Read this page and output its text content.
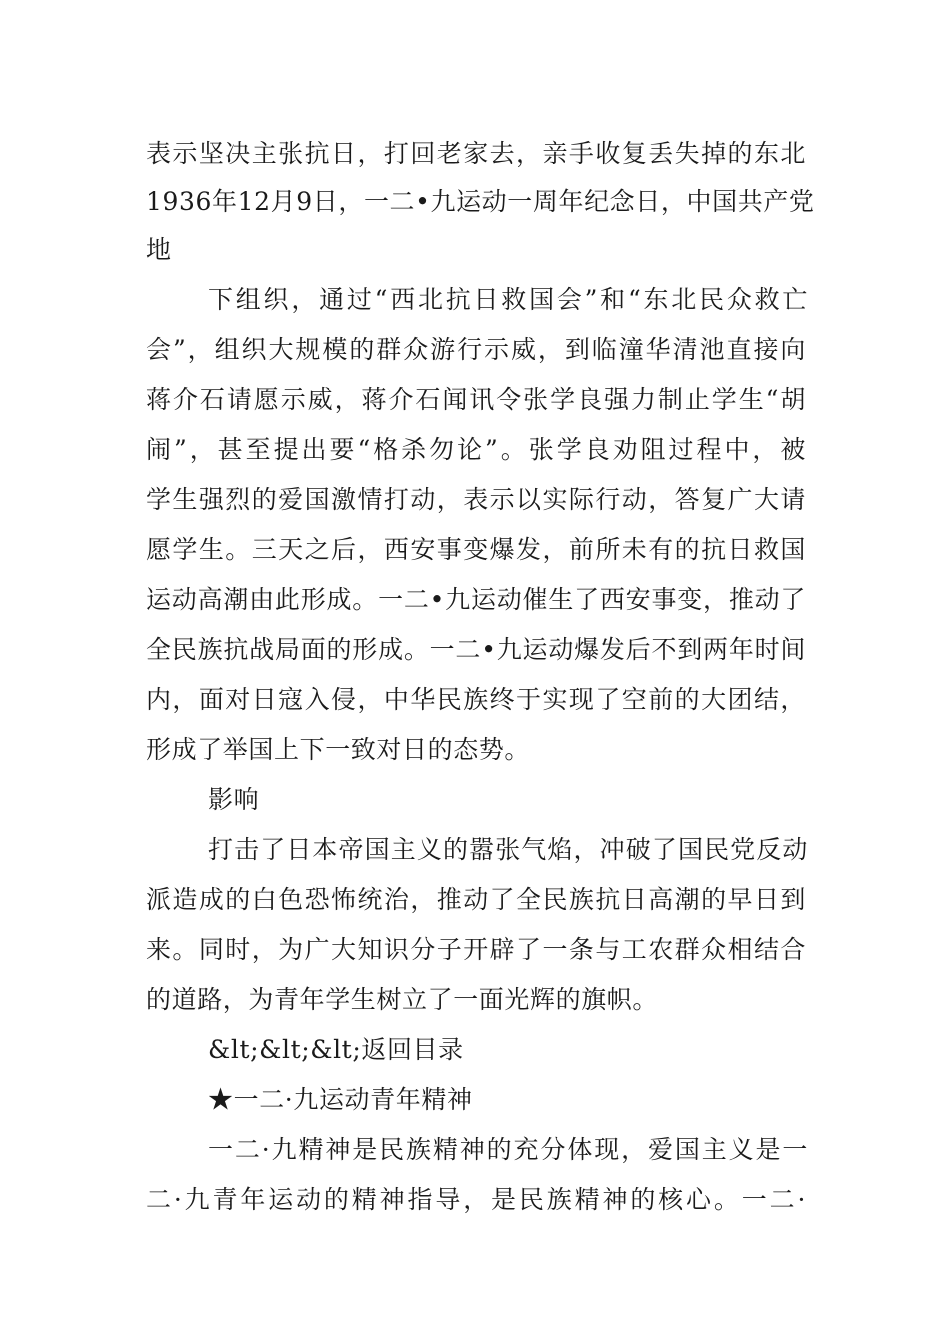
表示坚决主张抗日，打回老家去，亲手收复丢失掉的东北
1936年12月9日，一二•九运动一周年纪念日，中国共产党
地
下组织，通过“西北抗日救国会”和“东北民众救亡
会”，组织大规模的群众游行示威，到临潼华清池直接向
蒋介石请愿示威，蒋介石闻讯令张学良强力制止学生“胡
闹”，甚至提出要“格杀勿论”。张学良劝阻过程中，被
学生强烈的爱国激情打动，表示以实际行动，答复广大请
愿学生。三天之后，西安事变爆发，前所未有的抗日救国
运动高潮由此形成。一二•九运动催生了西安事变，推动了
全民族抗战局面的形成。一二•九运动爆发后不到两年时间
内，面对日寇入侵，中华民族终于实现了空前的大团结，
形成了举国上下一致对日的态势。
影响
打击了日本帝国主义的嚣张气焰，冲破了国民党反动
派造成的白色恐怖统治，推动了全民族抗日高潮的早日到
来。同时，为广大知识分子开辟了一条与工农群众相结合
的道路，为青年学生树立了一面光辉的旗帜。
&lt;&lt;&lt;返回目录
★一二·九运动青年精神
一二·九精神是民族精神的充分体现，爱国主义是一
二·九青年运动的精神指导，是民族精神的核心。一二·
